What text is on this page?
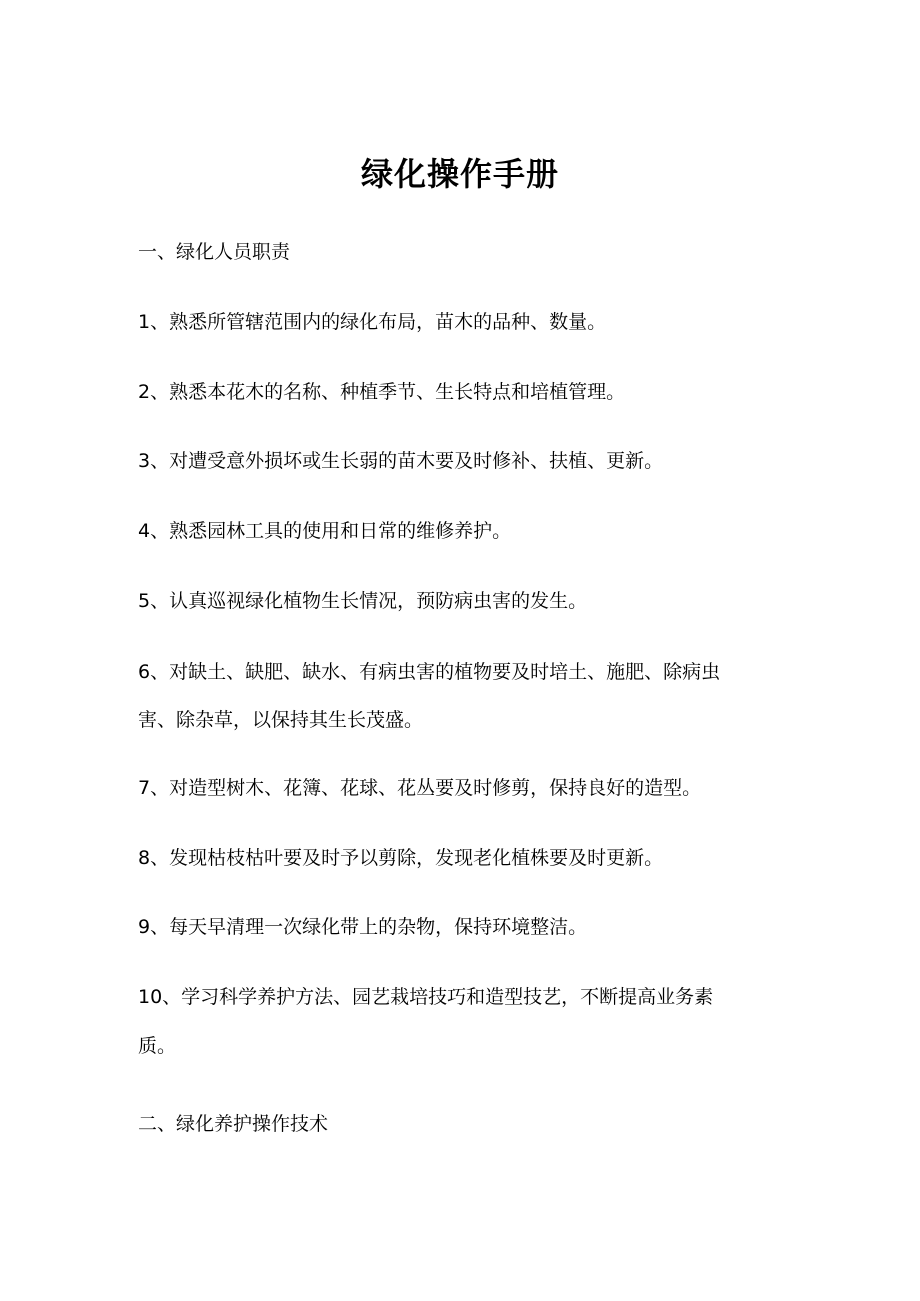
绿化操作手册
一、绿化人员职责
1、熟悉所管辖范围内的绿化布局，苗木的品种、数量。
2、熟悉本花木的名称、种植季节、生长特点和培植管理。
3、对遭受意外损坏或生长弱的苗木要及时修补、扶植、更新。
4、熟悉园林工具的使用和日常的维修养护。
5、认真巡视绿化植物生长情况，预防病虫害的发生。
6、对缺土、缺肥、缺水、有病虫害的植物要及时培土、施肥、除病虫
害、除杂草，以保持其生长茂盛。
7、对造型树木、花簿、花球、花丛要及时修剪，保持良好的造型。
8、发现枯枝枯叶要及时予以剪除，发现老化植株要及时更新。
9、每天早清理一次绿化带上的杂物，保持环境整洁。
10、学习科学养护方法、园艺栽培技巧和造型技艺，不断提高业务素
质。
二、绿化养护操作技术
